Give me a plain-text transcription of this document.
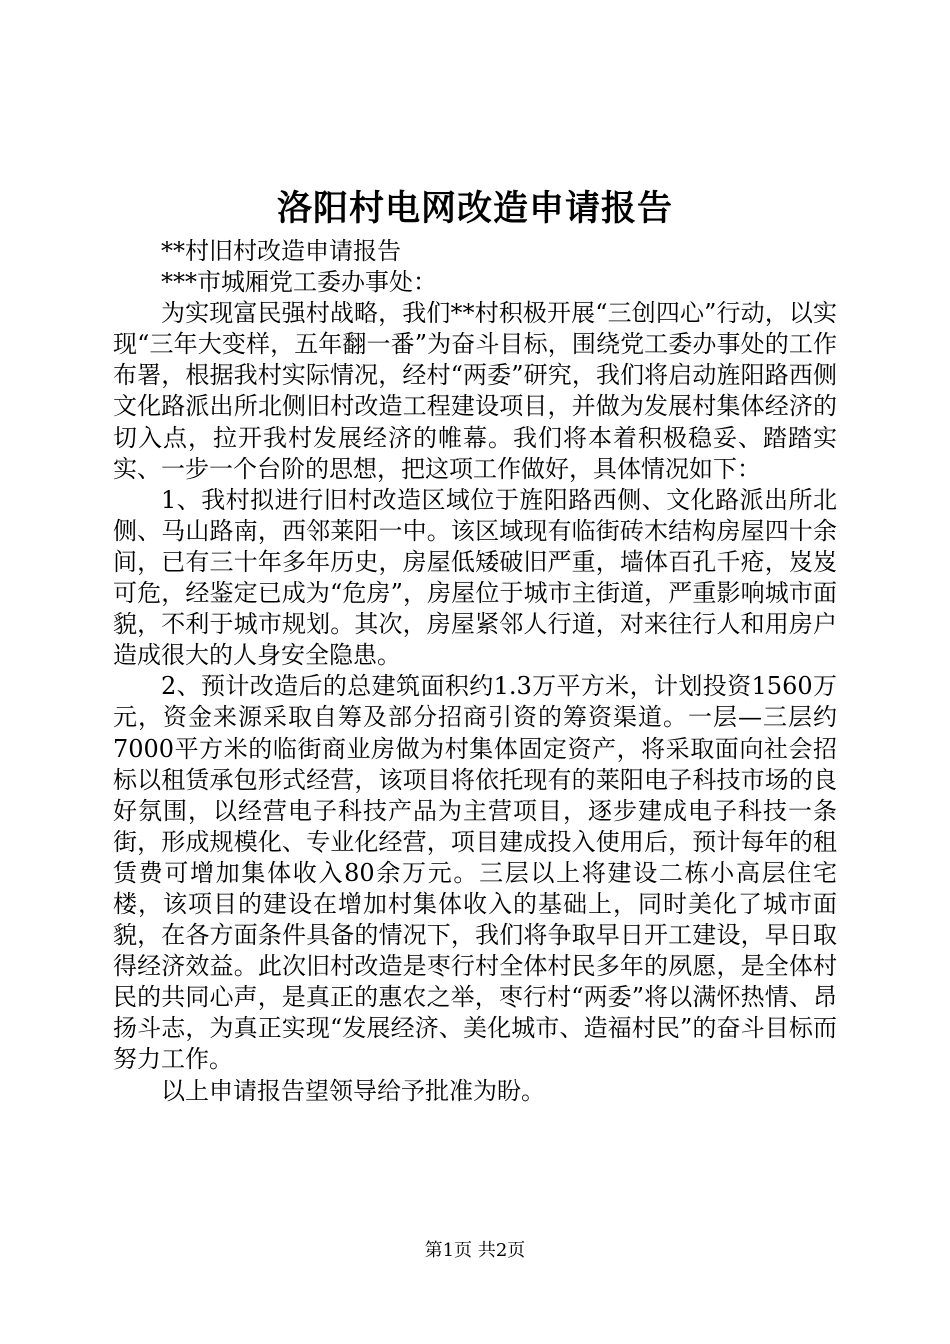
洛阳村电网改造申请报告

**村旧村改造申请报告

***市城厢党工委办事处：

为实现富民强村战略，我们**村积极开展“三创四心”行动，以实现“三年大变样，五年翻一番”为奋斗目标，围绕党工委办事处的工作布署，根据我村实际情况，经村“两委”研究，我们将启动旌阳路西侧文化路派出所北侧旧村改造工程建设项目，并做为发展村集体经济的切入点，拉开我村发展经济的帷幕。我们将本着积极稳妥、踏踏实实、一步一个台阶的思想，把这项工作做好，具体情况如下：

1、我村拟进行旧村改造区域位于旌阳路西侧、文化路派出所北侧、马山路南，西邻莱阳一中。该区域现有临街砖木结构房屋四十余间，已有三十年多年历史，房屋低矮破旧严重，墙体百孔千疮，岌岌可危，经鉴定已成为“危房”，房屋位于城市主街道，严重影响城市面貌，不利于城市规划。其次，房屋紧邻人行道，对来往行人和用房户造成很大的人身安全隐患。

2、预计改造后的总建筑面积约1.3万平方米，计划投资1560万元，资金来源采取自筹及部分招商引资的筹资渠道。一层—三层约7000平方米的临街商业房做为村集体固定资产，将采取面向社会招标以租赁承包形式经营，该项目将依托现有的莱阳电子科技市场的良好氛围，以经营电子科技产品为主营项目，逐步建成电子科技一条街，形成规模化、专业化经营，项目建成投入使用后，预计每年的租赁费可增加集体收入80余万元。三层以上将建设二栋小高层住宅楼，该项目的建设在增加村集体收入的基础上，同时美化了城市面貌，在各方面条件具备的情况下，我们将争取早日开工建设，早日取得经济效益。此次旧村改造是枣行村全体村民多年的夙愿，是全体村民的共同心声，是真正的惠农之举，枣行村“两委”将以满怀热情、昂扬斗志，为真正实现“发展经济、美化城市、造福村民”的奋斗目标而努力工作。

以上申请报告望领导给予批准为盼。

第1页 共2页
